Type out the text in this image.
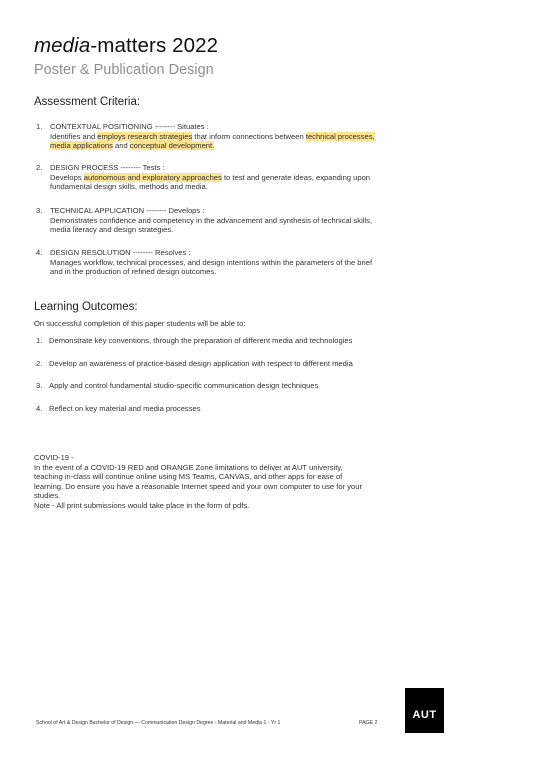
media-matters 2022
Poster & Publication Design
Assessment Criteria:
1. CONTEXTUAL POSITIONING -------- Situates :
Identifies and employs research strategies that inform connections between technical processes, media applications and conceptual development.
2. DESIGN PROCESS -------- Tests :
Develops autonomous and exploratory approaches to test and generate ideas, expanding upon fundamental design skills, methods and media.
3. TECHNICAL APPLICATION -------- Develops :
Demonstrates confidence and competency in the advancement and synthesis of technical skills, media literacy and design strategies.
4. DESIGN RESOLUTION -------- Resolves :
Manages workflow, technical processes, and design intentions within the parameters of the brief and in the production of refined design outcomes.
Learning Outcomes:
On successful completion of this paper students will be able to:
1. Demonstrate key conventions, through the preparation of different media and technologies
2. Develop an awareness of practice-based design application with respect to different media
3. Apply and control fundamental studio-specific communication design techniques
4. Reflect on key material and media processes
COVID-19 -
In the event of a COVID-19 RED and ORANGE Zone limitations to deliver at AUT university, teaching in-class will continue online using MS Teams, CANVAS, and other apps for ease of learning. Do ensure you have a reasonable Internet speed and your own computer to use for your studies.
Note - All print submissions would take place in the form of pdfs.
School of Art & Design Bachelor of Design — Communication Design Degree - Material and Media 1 - Yr 1	PAGE 2
AUT
